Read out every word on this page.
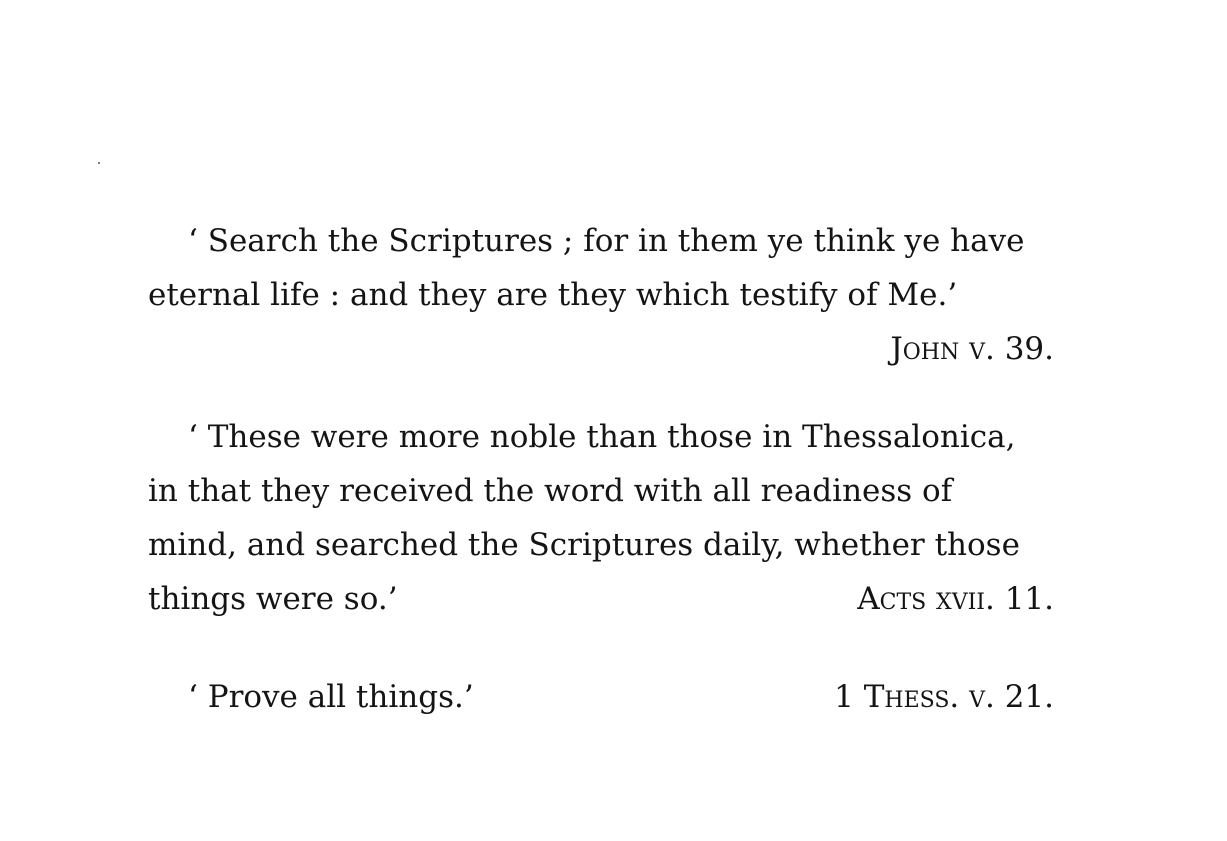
‘ Search the Scriptures ; for in them ye think ye have
eternal life : and they are they which testify of Me.’
John v. 39.
‘ These were more noble than those in Thessalonica,
in that they received the word with all readiness of
mind, and searched the Scriptures daily, whether those
things were so.’	Acts xvii. 11.
‘ Prove all things.’	1 Thess. v. 21.
